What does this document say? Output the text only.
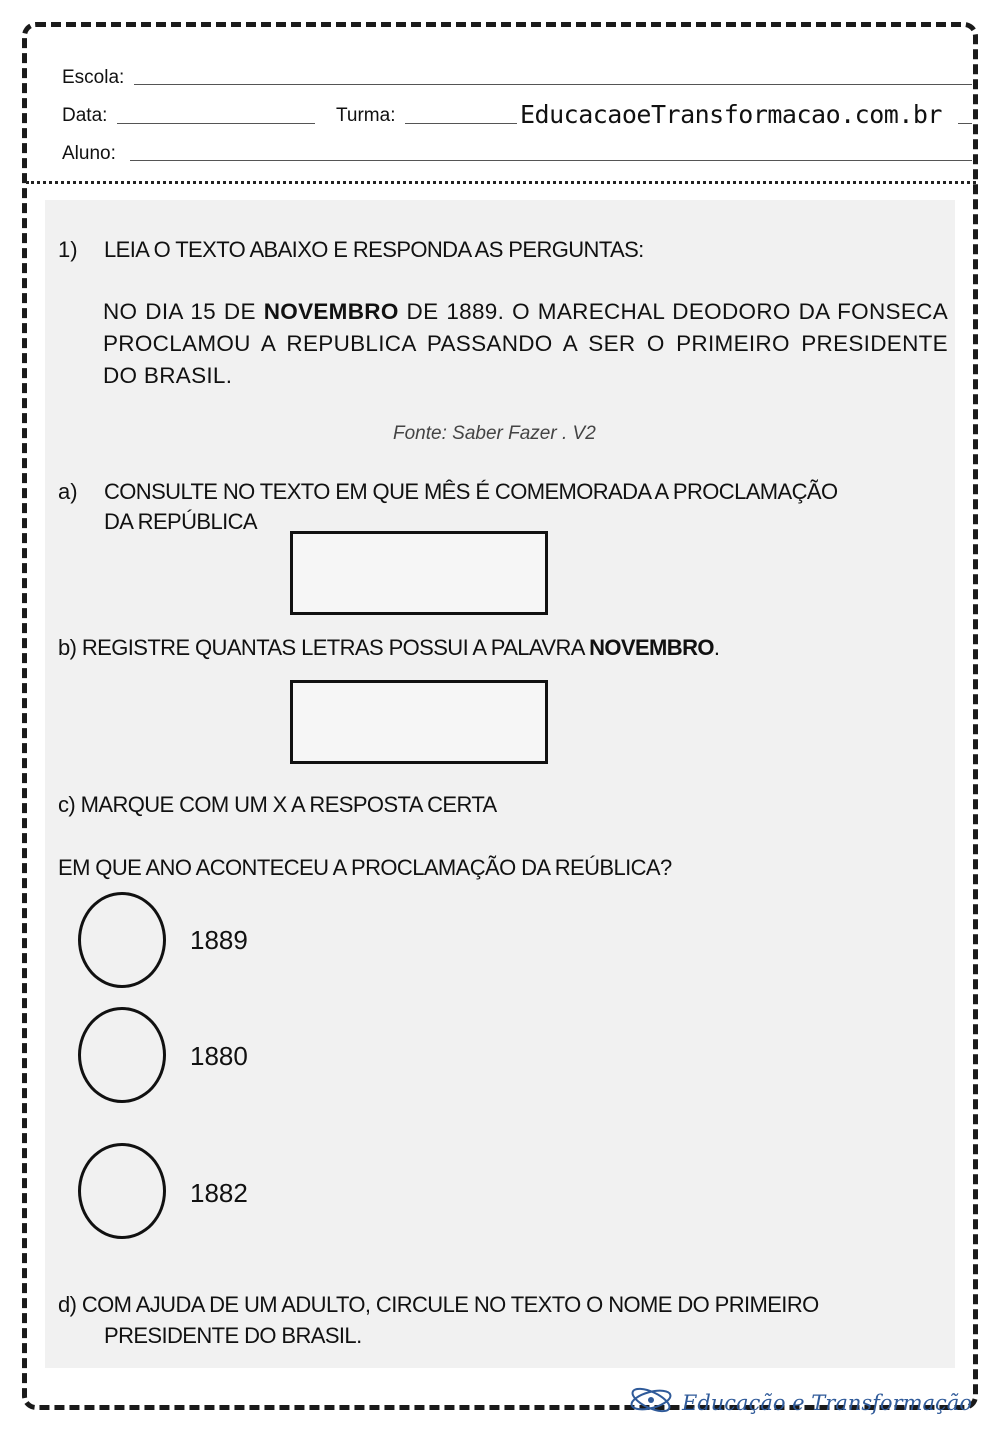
Escola:
Data:	Turma:	EducacaoeTransformacao.com.br
Aluno:
1) LEIA O TEXTO ABAIXO E RESPONDA AS PERGUNTAS:
NO DIA 15 DE NOVEMBRO DE 1889. O MARECHAL DEODORO DA FONSECA PROCLAMOU A REPUBLICA PASSANDO A SER O PRIMEIRO PRESIDENTE DO BRASIL.
Fonte: Saber Fazer . V2
a) CONSULTE NO TEXTO EM QUE MÊS É COMEMORADA A PROCLAMAÇÃO
DA REPÚBLICA
b) REGISTRE QUANTAS LETRAS POSSUI A PALAVRA NOVEMBRO.
c) MARQUE COM UM X A RESPOSTA CERTA
EM QUE ANO ACONTECEU A PROCLAMAÇÃO DA REÚBLICA?
1889
1880
1882
d) COM AJUDA DE UM ADULTO, CIRCULE NO TEXTO O NOME DO PRIMEIRO
PRESIDENTE DO BRASIL.
Educação e Transformação
